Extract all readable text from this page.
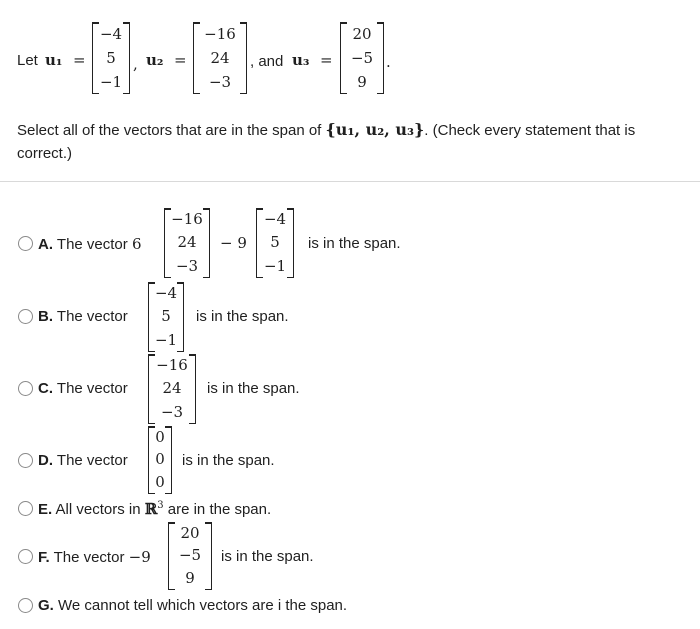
Let u₁ =
−4
5
−1
, u₂ =
−16
24
−3
, and u₃ =
20
−5
9
.
Select all of the vectors that are in the span of {u₁, u₂, u₃}. (Check every statement that is
correct.)
A. The vector 6
−16
24
−3
− 9
−4
5
−1
is in the span.
B. The vector
−4
5
−1
is in the span.
C. The vector
−16
24
−3
is in the span.
D. The vector
0
0
0
is in the span.
E. All vectors in ℝ$^3$ are in the span.
F. The vector −9
20
−5
9
is in the span.
G. We cannot tell which vectors are i the span.
